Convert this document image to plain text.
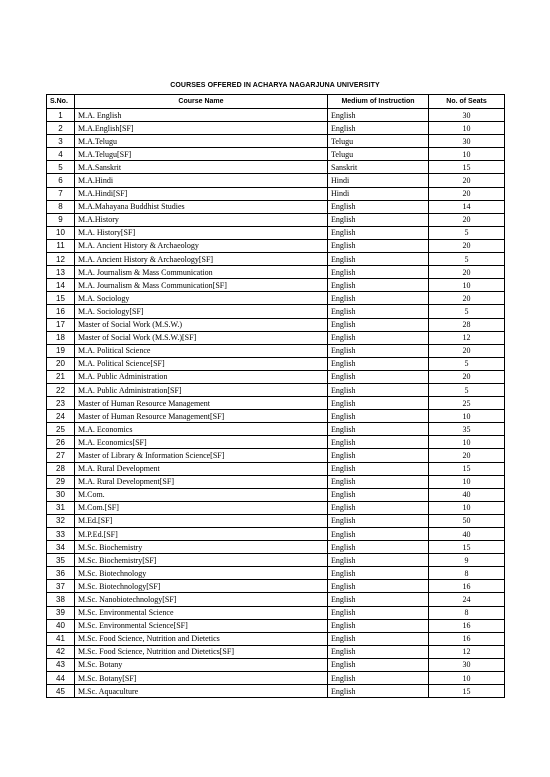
COURSES OFFERED IN ACHARYA NAGARJUNA UNIVERSITY
S.No.	Course Name	Medium of Instruction	No. of Seats
1	M.A. English	English	30
2	M.A.English[SF]	English	10
3	M.A.Telugu	Telugu	30
4	M.A.Telugu[SF]	Telugu	10
5	M.A.Sanskrit	Sanskrit	15
6	M.A.Hindi	Hindi	20
7	M.A.Hindi[SF]	Hindi	20
8	M.A.Mahayana Buddhist Studies	English	14
9	M.A.History	English	20
10	M.A. History[SF]	English	5
11	M.A. Ancient History & Archaeology	English	20
12	M.A. Ancient History & Archaeology[SF]	English	5
13	M.A. Journalism & Mass Communication	English	20
14	M.A. Journalism & Mass Communication[SF]	English	10
15	M.A. Sociology	English	20
16	M.A. Sociology[SF]	English	5
17	Master of Social Work (M.S.W.)	English	28
18	Master of Social Work (M.S.W.)[SF]	English	12
19	M.A. Political Science	English	20
20	M.A. Political Science[SF]	English	5
21	M.A. Public Administration	English	20
22	M.A. Public Administration[SF]	English	5
23	Master of Human Resource Management	English	25
24	Master of Human Resource Management[SF]	English	10
25	M.A. Economics	English	35
26	M.A. Economics[SF]	English	10
27	Master of Library & Information Science[SF]	English	20
28	M.A. Rural Development	English	15
29	M.A. Rural Development[SF]	English	10
30	M.Com.	English	40
31	M.Com.[SF]	English	10
32	M.Ed.[SF]	English	50
33	M.P.Ed.[SF]	English	40
34	M.Sc. Biochemistry	English	15
35	M.Sc. Biochemistry[SF]	English	9
36	M.Sc. Biotechnology	English	8
37	M.Sc. Biotechnology[SF]	English	16
38	M.Sc. Nanobiotechnology[SF]	English	24
39	M.Sc. Environmental Science	English	8
40	M.Sc. Environmental Science[SF]	English	16
41	M.Sc. Food Science, Nutrition and Dietetics	English	16
42	M.Sc. Food Science, Nutrition and Dietetics[SF]	English	12
43	M.Sc. Botany	English	30
44	M.Sc. Botany[SF]	English	10
45	M.Sc. Aquaculture	English	15
